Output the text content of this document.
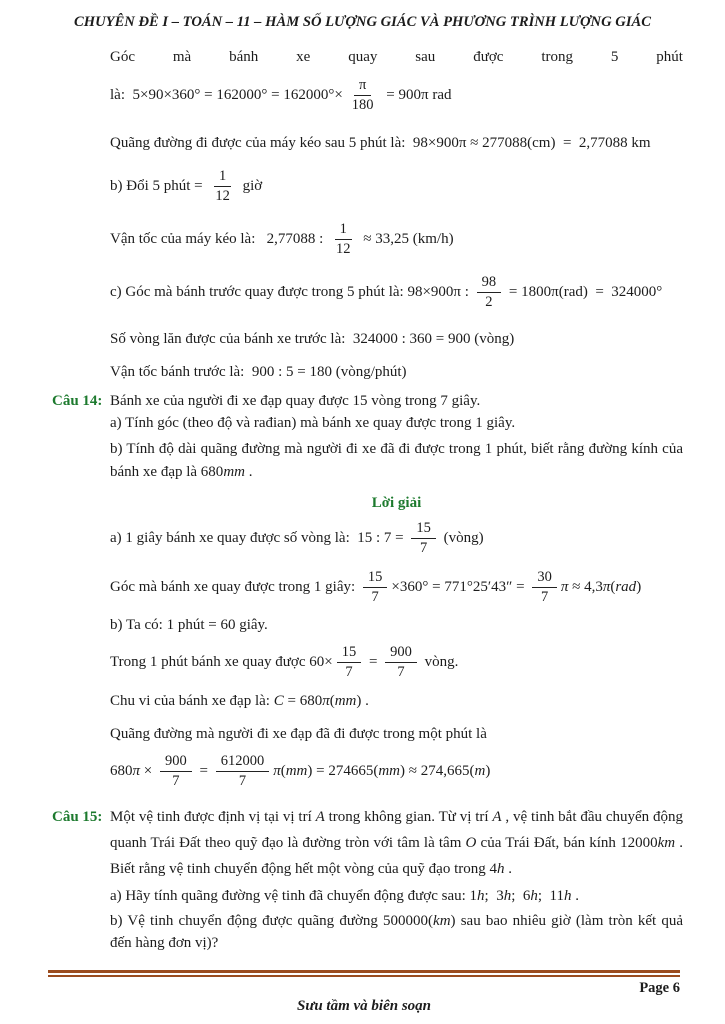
CHUYÊN ĐỀ I – TOÁN – 11 – HÀM SỐ LƯỢNG GIÁC VÀ PHƯƠNG TRÌNH LƯỢNG GIÁC
Góc	mà	bánh	xe	quay	sau	được	trong	5	phút
là:  $5\times 90\times 360^\circ = 162000^\circ = 162000^\circ\times \frac{\pi}{180} = 900\pi$ rad
Quãng đường đi được của máy kéo sau 5 phút là:  98×900π ≈ 277088(cm)  =  2,77088 km
b) Đổi 5 phút = $\frac{1}{12}$ giờ
Vận tốc của máy kéo là:   2,77088 : $\frac{1}{12} \approx 33,25$ (km/h)
c) Góc mà bánh trước quay được trong 5 phút là: 98×900π : $\frac{98}{2} = 1800\pi(rad) = 324000^\circ$
Số vòng lăn được của bánh xe trước là:  324000 : 360 = 900 (vòng)
Vận tốc bánh trước là:  900 : 5 = 180 (vòng/phút)
Câu 14: Bánh xe của người đi xe đạp quay được 15 vòng trong 7 giây.
a) Tính góc (theo độ và rađian) mà bánh xe quay được trong 1 giây.
b) Tính độ dài quãng đường mà người đi xe đã đi được trong 1 phút, biết rằng đường kính của bánh xe đạp là 680mm .
Lời giải
a) 1 giây bánh xe quay được số vòng là:  15 : $7 = \frac{15}{7}$ (vòng)
Góc mà bánh xe quay được trong 1 giây: $\frac{15}{7} \times 360^\circ = 771^\circ 25'43'' = \frac{30}{7}$ π ≈ 4,3 π ( rad )
b) Ta có: 1 phút = 60 giây.
Trong 1 phút bánh xe quay được $60\times \frac{15}{7} = \frac{900}{7}$ vòng.
Chu vi của bánh xe đạp là: C = 680π(mm) .
Quãng đường mà người đi xe đạp đã đi được trong một phút là
680 $\pi \times \frac{900}{7} = \frac{612000}{7}$ π ( mm ) = 274665( mm ) ≈ 274,665( m )
Câu 15: Một vệ tinh được định vị tại vị trí A trong không gian. Từ vị trí A , vệ tinh bắt đầu chuyển động quanh Trái Đất theo quỹ đạo là đường tròn với tâm là tâm O của Trái Đất, bán kính 12000km . Biết rằng vệ tinh chuyển động hết một vòng của quỹ đạo trong 4h .
a) Hãy tính quãng đường vệ tinh đã chuyển động được sau: 1h;  3h;  6h;  11h .
b) Vệ tinh chuyển động được quãng đường 500000(km) sau bao nhiêu giờ (làm tròn kết quả đến hàng đơn vị)?
Page 6
Sưu tầm và biên soạn
